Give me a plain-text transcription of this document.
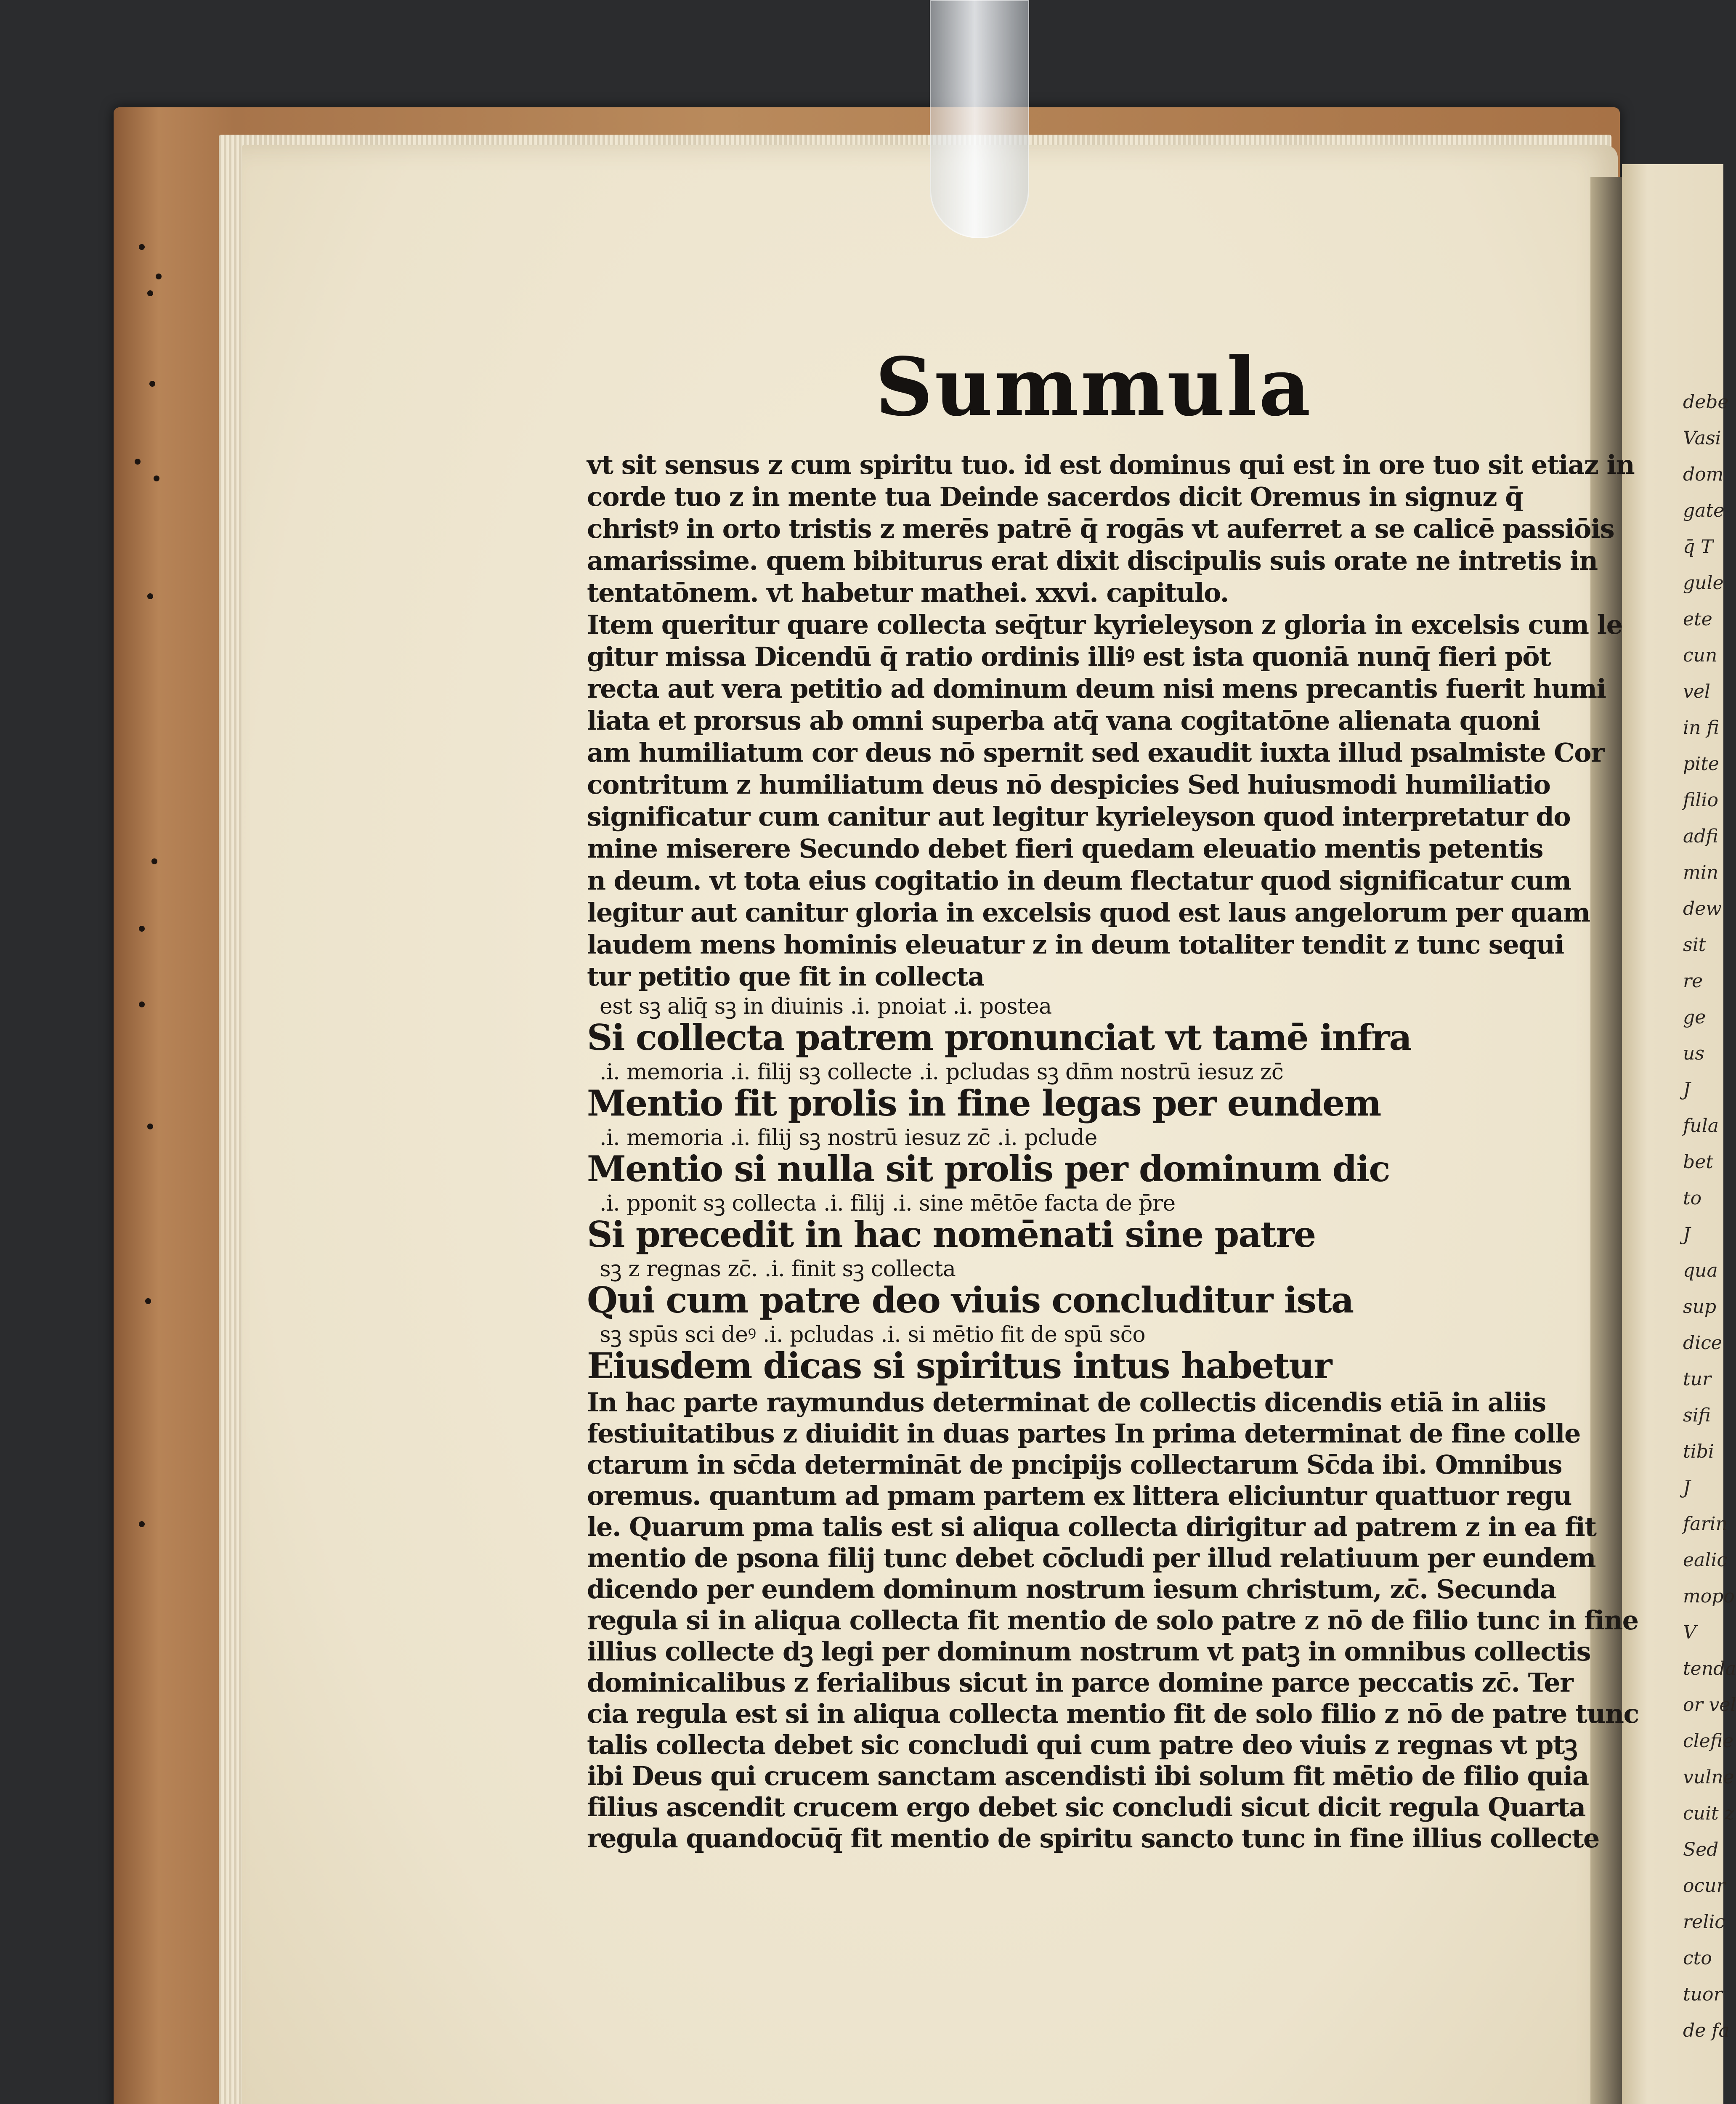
debe
Vasi
dom
gate
q̄ T
gule
ete
cun
vel
in fi
pite
filio
adfi
min
dew
sit
re
ge
us
J
fula
bet
to
J
qua
sup
dice
tur
sifi
tibi
J
farin
ealic
mopo
V
tenda
or vel
clefie
vulne
cuit z
Sed
ocur
relic
cto
tuor
de fa
Summula
vt sit sensus z cum spiritu tuo. id est dominus qui est in ore tuo sit etiaz in
corde tuo z in mente tua Deinde sacerdos dicit Oremus in signuz q̄
christꝰ in orto tristis z merēs patrē q̄ rogās vt auferret a se calicē passiōis
amarissime. quem bibiturus erat dixit discipulis suis orate ne intretis in
tentatōnem. vt habetur mathei. xxvi. capitulo.
Item queritur quare collecta seq̄tur kyrieleyson z gloria in excelsis cum le
gitur missa Dicendū q̄ ratio ordinis illiꝰ est ista quoniā nunq̄ fieri pōt
recta aut vera petitio ad dominum deum nisi mens precantis fuerit humi
liata et prorsus ab omni superba atq̄ vana cogitatōne alienata quoni
am humiliatum cor deus nō spernit sed exaudit iuxta illud psalmiste Cor
contritum z humiliatum deus nō despicies Sed huiusmodi humiliatio
significatur cum canitur aut legitur kyrieleyson quod interpretatur do
mine miserere Secundo debet fieri quedam eleuatio mentis petentis
n deum. vt tota eius cogitatio in deum flectatur quod significatur cum
legitur aut canitur gloria in excelsis quod est laus angelorum per quam
laudem mens hominis eleuatur z in deum totaliter tendit z tunc sequi
tur petitio que fit in collecta
est sꝫ aliq̄ sꝫ in diuinis .i. pnoiat .i. postea
Si collecta patrem pronunciat vt tamē infra
.i. memoria .i. filij sꝫ collecte .i. pcludas sꝫ dn̄m nostrū iesuz zc̄
Mentio fit prolis in fine legas per eundem
.i. memoria .i. filij sꝫ nostrū iesuz zc̄ .i. pclude
Mentio si nulla sit prolis per dominum dic
.i. pponit sꝫ collecta .i. filij .i. sine mētōe facta de p̄re
Si precedit in hac nomēnati sine patre
sꝫ z regnas zc̄. .i. finit sꝫ collecta
Qui cum patre deo viuis concluditur ista
sꝫ spūs sci deꝰ .i. pcludas .i. si mētio fit de spū sc̄o
Eiusdem dicas si spiritus intus habetur
In hac parte raymundus determinat de collectis dicendis etiā in aliis
festiuitatibus z diuidit in duas partes In prima determinat de fine colle
ctarum in sc̄da determināt de pncipijs collectarum Sc̄da ibi. Omnibus
oremus. quantum ad pmam partem ex littera eliciuntur quattuor regu
le. Quarum pma talis est si aliqua collecta dirigitur ad patrem z in ea fit
mentio de psona filij tunc debet cōcludi per illud relatiuum per eundem
dicendo per eundem dominum nostrum iesum christum, zc̄. Secunda
regula si in aliqua collecta fit mentio de solo patre z nō de filio tunc in fine
illius collecte dꝫ legi per dominum nostrum vt patꝫ in omnibus collectis
dominicalibus z ferialibus sicut in parce domine parce peccatis zc̄. Ter
cia regula est si in aliqua collecta mentio fit de solo filio z nō de patre tunc
talis collecta debet sic concludi qui cum patre deo viuis z regnas vt ptꝫ
ibi Deus qui crucem sanctam ascendisti ibi solum fit mētio de filio quia
filius ascendit crucem ergo debet sic concludi sicut dicit regula Quarta
regula quandocūq̄ fit mentio de spiritu sancto tunc in fine illius collecte
